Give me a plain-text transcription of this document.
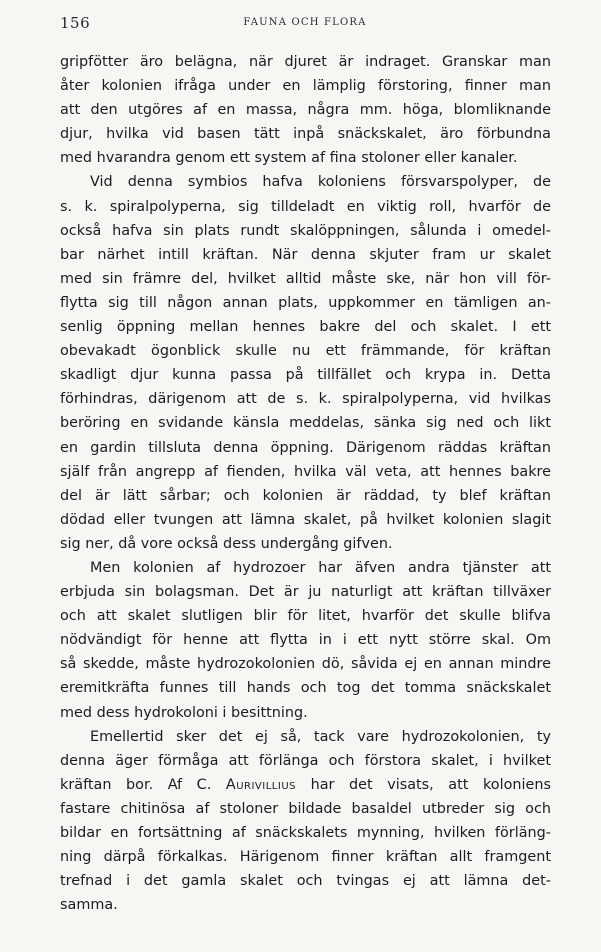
156	FAUNA OCH FLORA
gripfötter äro belägna, när djuret är indraget. Granskar man
åter kolonien ifråga under en lämplig förstoring, finner man
att den utgöres af en massa, några mm. höga, blomliknande
djur, hvilka vid basen tätt inpå snäckskalet, äro förbundna
med hvarandra genom ett system af fina stoloner eller kanaler.
Vid denna symbios hafva koloniens försvarspolyper, de
s. k. spiralpolyperna, sig tilldeladt en viktig roll, hvarför de
också hafva sin plats rundt skalöppningen, sålunda i omedel-
bar närhet intill kräftan. När denna skjuter fram ur skalet
med sin främre del, hvilket alltid måste ske, när hon vill för-
flytta sig till någon annan plats, uppkommer en tämligen an-
senlig öppning mellan hennes bakre del och skalet. I ett
obevakadt ögonblick skulle nu ett främmande, för kräftan
skadligt djur kunna passa på tillfället och krypa in. Detta
förhindras, därigenom att de s. k. spiralpolyperna, vid hvilkas
beröring en svidande känsla meddelas, sänka sig ned och likt
en gardin tillsluta denna öppning. Därigenom räddas kräftan
själf från angrepp af fienden, hvilka väl veta, att hennes bakre
del är lätt sårbar; och kolonien är räddad, ty blef kräftan
dödad eller tvungen att lämna skalet, på hvilket kolonien slagit
sig ner, då vore också dess undergång gifven.
Men kolonien af hydrozoer har äfven andra tjänster att
erbjuda sin bolagsman. Det är ju naturligt att kräftan tillväxer
och att skalet slutligen blir för litet, hvarför det skulle blifva
nödvändigt för henne att flytta in i ett nytt större skal. Om
så skedde, måste hydrozokolonien dö, såvida ej en annan mindre
eremitkräfta funnes till hands och tog det tomma snäckskalet
med dess hydrokoloni i besittning.
Emellertid sker det ej så, tack vare hydrozokolonien, ty
denna äger förmåga att förlänga och förstora skalet, i hvilket
kräftan bor. Af C. Aurivillius har det visats, att koloniens
fastare chitinösa af stoloner bildade basaldel utbreder sig och
bildar en fortsättning af snäckskalets mynning, hvilken förläng-
ning därpå förkalkas. Härigenom finner kräftan allt framgent
trefnad i det gamla skalet och tvingas ej att lämna det-
samma.
